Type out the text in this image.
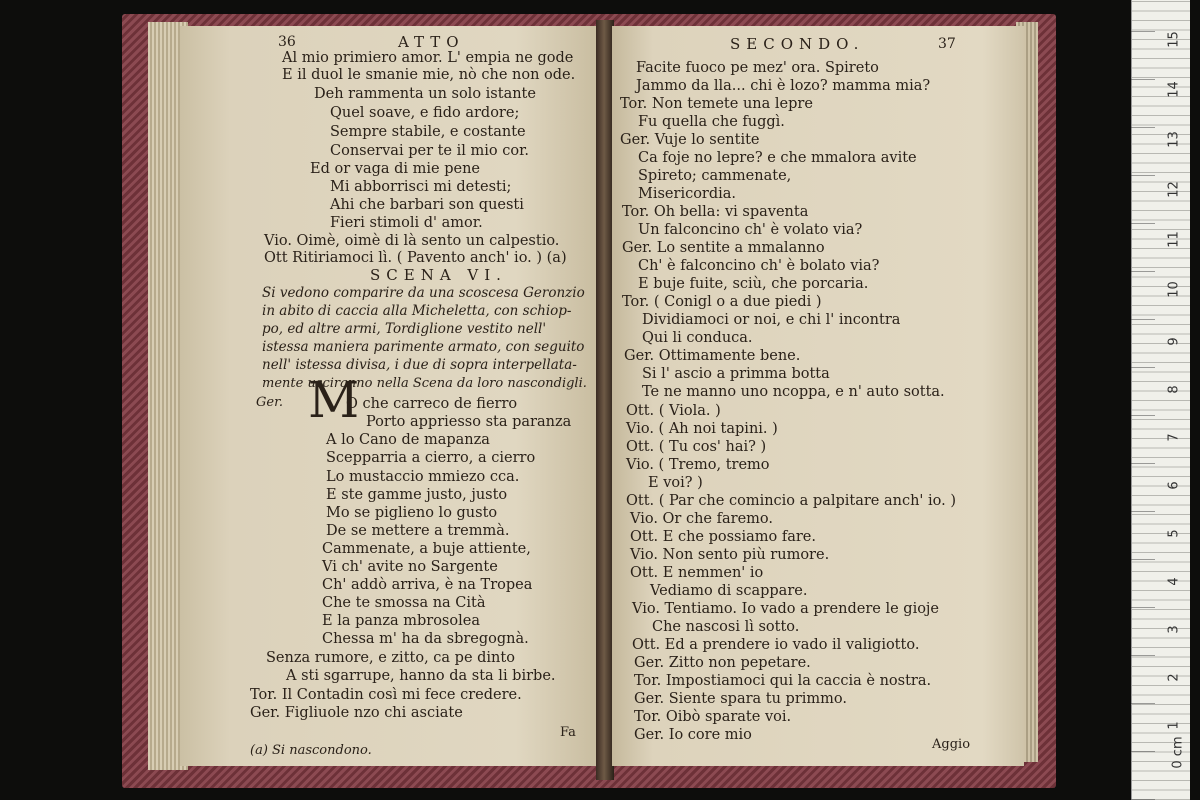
36	ATTO
Al mio primiero amor. L' empia ne gode
E il duol le smanie mie, nò che non ode.
Deh rammenta un solo istante
Quel soave, e fido ardore;
Sempre stabile, e costante
Conservai per te il mio cor.
Ed or vaga di mie pene
Mi abborrisci mi detesti;
Ahi che barbari son questi
Fieri stimoli d' amor.
Vio. Oimè, oimè di là sento un calpestio.
Ott Ritiriamoci lì. ( Pavento anch' io. ) (a)
SCENA VI.
Si vedono comparire da una scoscesa Geronzio
in abito di caccia alla Micheletta, con schiop-
po, ed altre armi, Tordiglione vestito nell'
istessa maniera parimente armato, con seguito
nell' istessa divisa, i due di sopra interpellata-
mente usciranno nella Scena da loro nascondigli.
Ger. M
O che carreco de fierro
Porto appriesso sta paranza
A lo Cano de mapanza
Scepparria a cierro, a cierro
Lo mustaccio mmiezo cca.
E ste gamme justo, justo
Mo se piglieno lo gusto
De se mettere a tremmà.
Cammenate, a buje attiente,
Vi ch' avite no Sargente
Ch' addò arriva, è na Tropea
Che te smossa na Cità
E la panza mbrosolea
Chessa m' ha da sbregognà.
Senza rumore, e zitto, ca pe dinto
A sti sgarrupe, hanno da sta li birbe.
Tor. Il Contadin così mi fece credere.
Ger. Figliuole nzo chi asciate
Fa
(a) Si nascondono.
SECONDO.	37
Facite fuoco pe mez' ora. Spireto
Jammo da lla... chi è lozo? mamma mia?
Tor. Non temete una lepre
Fu quella che fuggì.
Ger. Vuje lo sentite
Ca foje no lepre? e che mmalora avite
Spireto; cammenate,
Misericordia.
Tor. Oh bella: vi spaventa
Un falconcino ch' è volato via?
Ger. Lo sentite a mmalanno
Ch' è falconcino ch' è bolato via?
E buje fuite, sciù, che porcaria.
Tor. ( Conigl o a due piedi )
Dividiamoci or noi, e chi l' incontra
Qui li conduca.
Ger. Ottimamente bene.
Si l' ascio a primma botta
Te ne manno uno ncoppa, e n' auto sotta.
Ott. ( Viola. )
Vio. ( Ah noi tapini. )
Ott. ( Tu cos' hai? )
Vio. ( Tremo, tremo
E voi? )
Ott. ( Par che comincio a palpitare anch' io. )
Vio. Or che faremo.
Ott. E che possiamo fare.
Vio. Non sento più rumore.
Ott. E nemmen' io
Vediamo di scappare.
Vio. Tentiamo. Io vado a prendere le gioje
Che nascosi lì sotto.
Ott. Ed a prendere io vado il valigiotto.
Ger. Zitto non pepetare.
Tor. Impostiamoci qui la caccia è nostra.
Ger. Siente spara tu primmo.
Tor. Oibò sparate voi.
Ger. Io core mio
Aggio	0 cm
1
2
3
4
5
6
7
8
9
10
11
12
13
14
15
